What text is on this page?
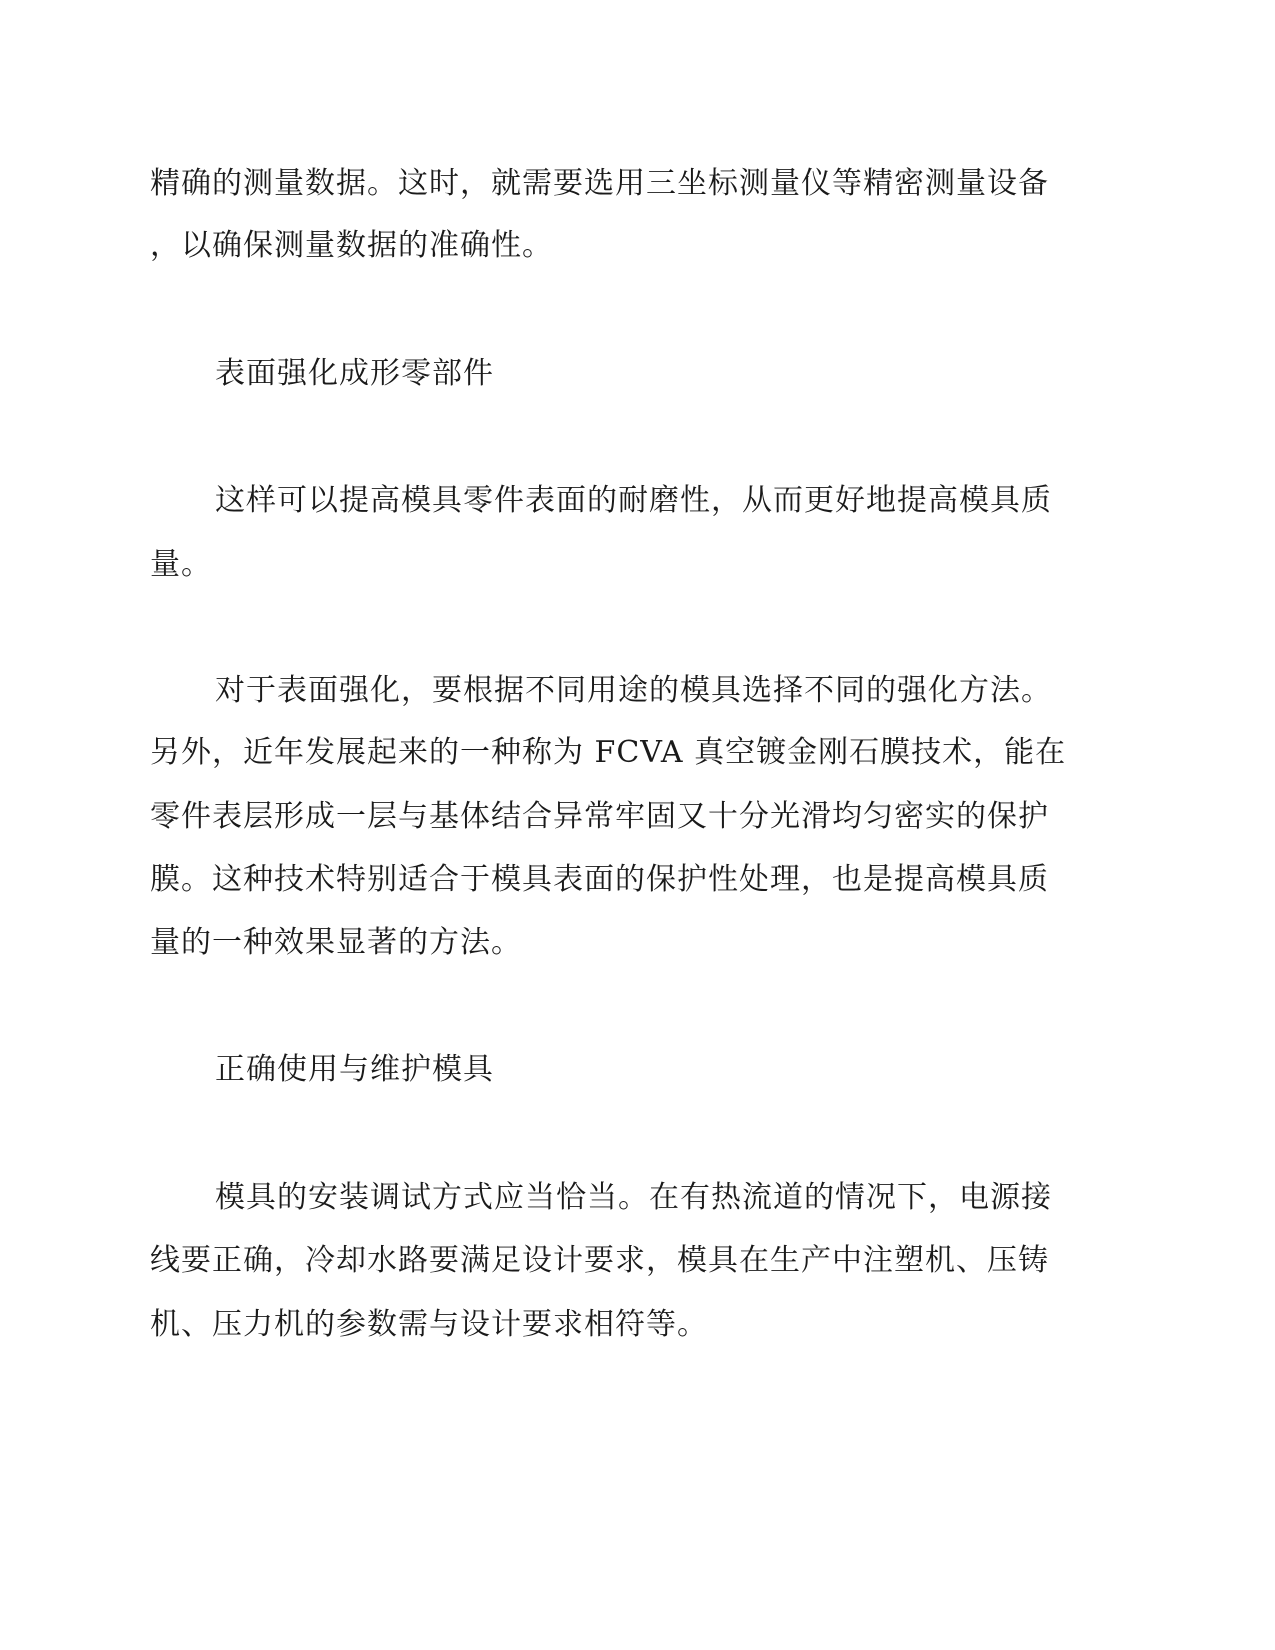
精确的测量数据。这时，就需要选用三坐标测量仪等精密测量设备
，以确保测量数据的准确性。
表面强化成形零部件
这样可以提高模具零件表面的耐磨性，从而更好地提高模具质
量。
对于表面强化，要根据不同用途的模具选择不同的强化方法。
另外，近年发展起来的一种称为 FCVA 真空镀金刚石膜技术，能在
零件表层形成一层与基体结合异常牢固又十分光滑均匀密实的保护
膜。这种技术特别适合于模具表面的保护性处理，也是提高模具质
量的一种效果显著的方法。
正确使用与维护模具
模具的安装调试方式应当恰当。在有热流道的情况下，电源接
线要正确，冷却水路要满足设计要求，模具在生产中注塑机、压铸
机、压力机的参数需与设计要求相符等。
